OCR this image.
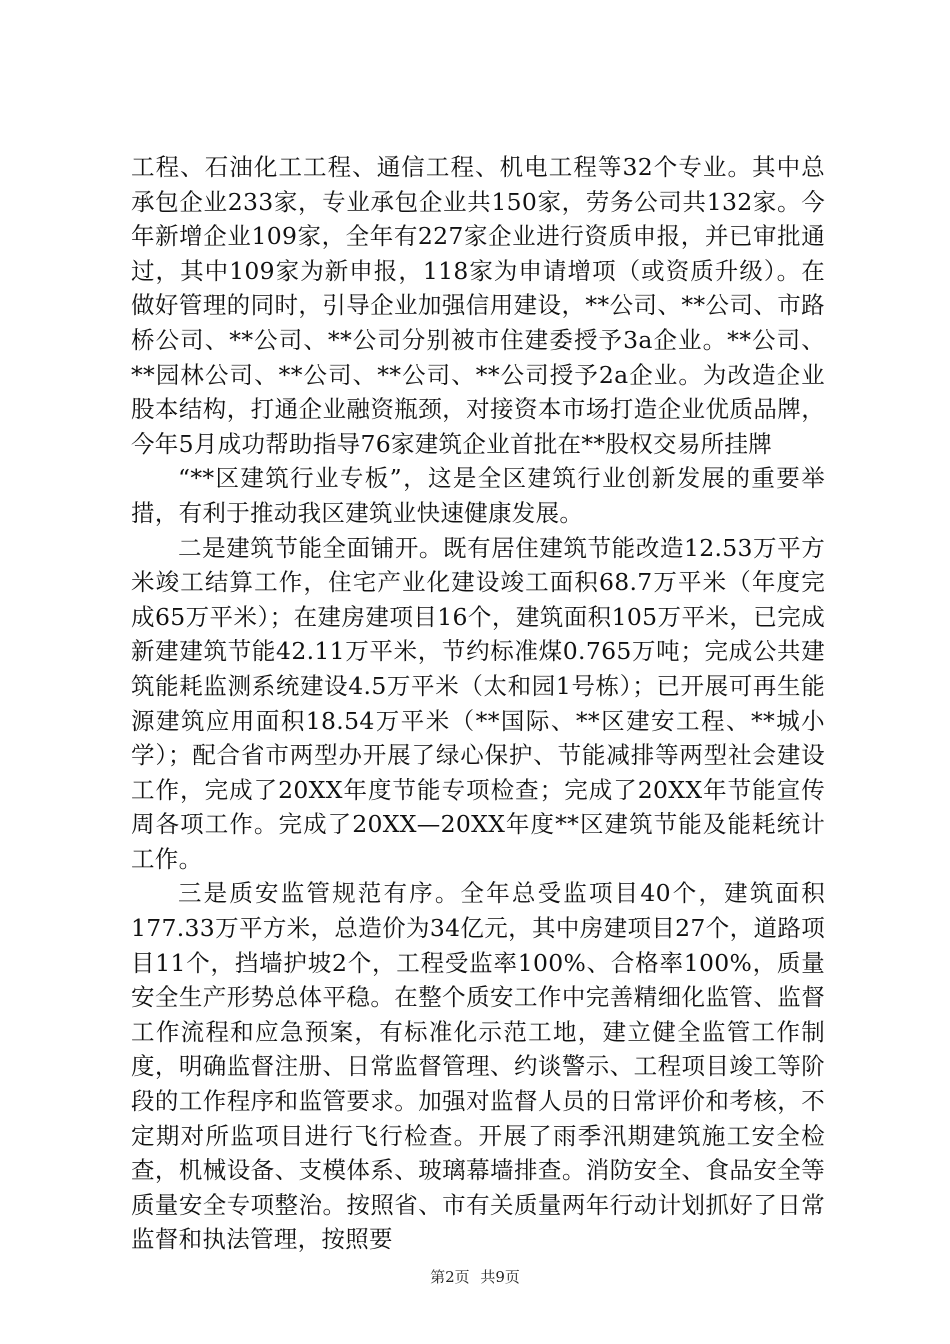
工程、石油化工工程、通信工程、机电工程等32个专业。其中总承包企业233家，专业承包企业共150家，劳务公司共132家。今年新增企业109家，全年有227家企业进行资质申报，并已审批通过，其中109家为新申报，118家为申请增项（或资质升级）。在做好管理的同时，引导企业加强信用建设，**公司、**公司、市路桥公司、**公司、**公司分别被市住建委授予3a企业。**公司、**园林公司、**公司、**公司、**公司授予2a企业。为改造企业股本结构，打通企业融资瓶颈，对接资本市场打造企业优质品牌，今年5月成功帮助指导76家建筑企业首批在**股权交易所挂牌

“**区建筑行业专板”，这是全区建筑行业创新发展的重要举措，有利于推动我区建筑业快速健康发展。

二是建筑节能全面铺开。既有居住建筑节能改造12.53万平方米竣工结算工作，住宅产业化建设竣工面积68.7万平米（年度完成65万平米）；在建房建项目16个，建筑面积105万平米，已完成新建建筑节能42.11万平米，节约标准煤0.765万吨；完成公共建筑能耗监测系统建设4.5万平米（太和园1号栋）；已开展可再生能源建筑应用面积18.54万平米（**国际、**区建安工程、**城小学）；配合省市两型办开展了绿心保护、节能减排等两型社会建设工作，完成了20XX年度节能专项检查；完成了20XX年节能宣传周各项工作。完成了20XX—20XX年度**区建筑节能及能耗统计工作。

三是质安监管规范有序。全年总受监项目40个，建筑面积177.33万平方米，总造价为34亿元，其中房建项目27个，道路项目11个，挡墙护坡2个，工程受监率100%、合格率100%，质量安全生产形势总体平稳。在整个质安工作中完善精细化监管、监督工作流程和应急预案，有标准化示范工地，建立健全监管工作制度，明确监督注册、日常监督管理、约谈警示、工程项目竣工等阶段的工作程序和监管要求。加强对监督人员的日常评价和考核，不定期对所监项目进行飞行检查。开展了雨季汛期建筑施工安全检查，机械设备、支模体系、玻璃幕墙排查。消防安全、食品安全等质量安全专项整治。按照省、市有关质量两年行动计划抓好了日常监督和执法管理，按照要

第2页 共9页
